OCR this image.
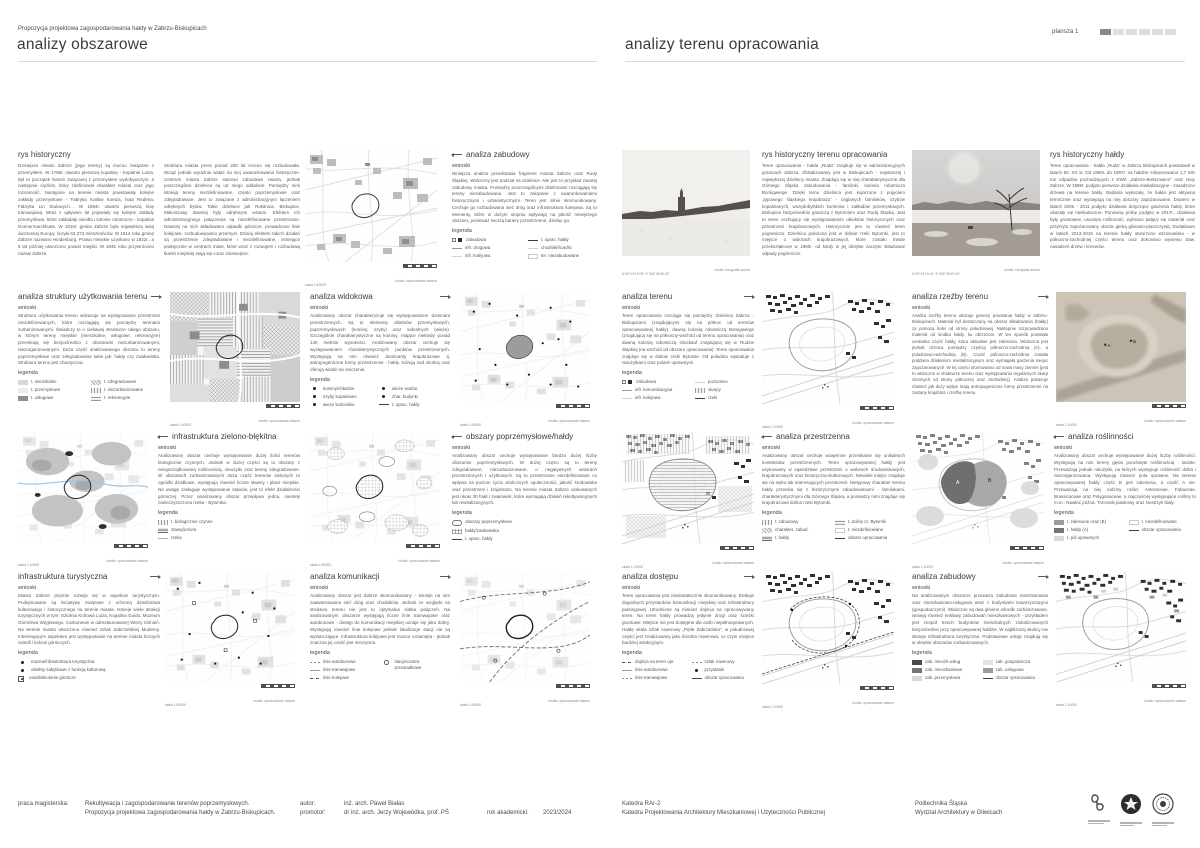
Propozycja projektowa zagospodarowania hałdy w Zabrzu-Biskupicach
analizy obszarowe	analizy terenu opracowania
plansza 1
rys historyczny
Dzisiejsze miasto Zabrze (jego tereny) są mocno związane z przemysłem. W 1796r. otwarto pierwszą kopalnię - Kopalnie Luiza. Był to początek historii związanej z przemysłem wydobywczym, a następnie ciężkim, który zdefiniował charakter miasta oraz jego tożsamość. Następnie na terenie miasta powstawały kolejne zakłady przemysłowe - Fabryka Kotłów Koetza, huta Redena, Fabryka Lin Stalowych… W 1894r. otwarto pierwszą linię tramwajową. Wraz z upływem lat pojawiały się kolejne zakłady przemysłowe, które zakładały osiedla i kolonie robotnicze - kopalnia Donnermarckhutte. W 1910r. gmina Zabrze była największą wsią ówczesnej Europy, liczyła 63 373 mieszkańców. W 1914 roku gminę Zabrze nazwano Hindenburg. Prawa miejskie uzyskano w 1922r., a 5 lat później utworzono powiat miejski. W 1945 roku przywrócono nazwę Zabrze.
Struktura miasta przez ponad 200 lat mocno się rozbudowała. Wciąż jednak wyraźnie widać na niej uwarunkowania historyczne. Centrum miasta Zabrze stanowi zabudowa zwarta, jednak poszczególne dzielnice są od niego oddalone. Pomiędzy nimi istnieją tereny niezdefiniowane, często poprzemysłowe oraz zdegradowane. Jest to związane z administracyjnym łączeniem odrębnych bytów. Takie dzielnice jak Rokitnica, Biskupice, Makoszowy dawniej były odrębnymi wsiami. Efektem ich administracyjnego połączenia są niezdefiniowane przestrzenie. Dawniej na nich składowano odpadki górnicze, prowadzono linie kolejowe, rozbudowywano przemysł. Dzisiaj efektem takich działań są przestrzenie zdegradowane i niezdefiniowane, istniejące praktycznie w centrach miast, które wraz z rozwojem i rozbudową tkanki miejskiej stają się coraz istotniejsze.
skala 1:60000
źródło: opracowanie własne
analiza zabudowy
wnioski
Niniejsza analiza przedstawia fragment miasta Zabrze oraz Rudy Śląskiej. Widoczny jest podział na dzielnice. Nie jest to przykład zwartej zabudowy miasta. Pomiędzy poszczególnymi dzielnicami rozciągają się tereny niezabudowane. Jest to związane z uwarunkowaniami historycznymi i urbanistycznymi. Teren jest silnie skomunikowany. Cechuje go rozbudowana sieć dróg oraz infrastruktura kolejowa. Są to elementy, które w dużym stopniu wpływają na jakość niniejszego obszaru, ponieważ tworzą bariery przestrzenne, dzieląc go.
legenda
zabudowa
infr. drogowa
infr. kolejowa
t. oprac. hałdy
chodniki/ścieżki
ter. niezabudowane
analiza struktury użytkowania terenu
wnioski
Struktura użytkowania terenu wskazuje na występowanie przestrzeni niezdefiniowanych, które rozciągają się pomiędzy terenami zurbanizowanymi. Świadczy to o ciekawej strukturze całego obszaru, w którym tereny miejskie (mieszkalne, usługowe, rekreacyjne) przenikają się bezpośrednio z obszarami niezurbanizowanymi, niezorganizowanymi. Duża część analizowanego obszaru to tereny poprzemysłowe oraz zdegradowane takie jak: hałdy czy zwałowiska. Struktura terenu jest chaotyczna.
legenda
t. mieszkalne
t. przemysłowe
t. usługowe
t. zdegradowane
t. niezurbanizowane
t. rekreacyjne
skala 1:40000
źródło: opracowanie własne
analiza widokowa
wnioski
Analizowany obszar charakteryzuje się występowaniem dominant przestrzennych. Są to elementy obiektów przemysłowych, poprzemysłowych (kominy, szyby) oraz sakralnych (wieże). Szczególnie charakterystyczne są kominy, mające niekiedy ponad 140 metrów wysokości. Analizowany obszar cechuje się występowaniem charakterystycznych punktów przestrzennych. Występują na nim również dominanty krajobrazowe tj. antropogeniczne formy przestrzenne - hałdy. Górują nad okolicą oraz oferują widoki na otoczenie.
legenda
kominy/chłodnie
szyby kopalniane
wieże kościołów
wieże wodne
char. budynki
t. oprac. hałdy
skala 1:60000
źródło: opracowanie własne
skala 1:40000
źródło: opracowanie własne
infrastruktura zielono-błękitna
wnioski
Analizowany obszar cechuje występowanie dużej ilości terenów biologicznie czynnych. Jednak w dużej części są to obszary z nieuporządkowaną roślinnością, nieużytki oraz tereny zdegradowane. W obszarach zurbanizowanych duża część terenów zielonych to ogródki działkowe, występują również liczne skwery i place miejskie. Na uwagę zasługuje występowanie stawów, jest to efekt działalności górniczej. Przez analizowany obszar przepływa jedna, niestety zanieczyszczona rzeka - Bytomka.
legenda
t. biologicznie czynne
stawy/jeziora
rzeka
skala 1:60000
źródło: opracowanie własne
obszary poprzemysłowe/hałdy
wnioski
Analizowany obszar cechuje występowanie bardzo dużej liczby obszarów poprzemysłowych. W dużej części są to tereny zdegradowane, niezurbanizowane, o negatywnych walorach przestrzennych i użytkowych. Są to przestrzenie niezdefiniowane co wpływa na poziom życia okolicznych społeczności, jakość środowiska oraz przestrzeni i krajobrazu. Na terenie miasta Zabrze ulokowanych jest około 30 hałd i zwałowisk, które wymagają działań rekultywacyjnych lub rewitalizacyjnych.
legenda
obszary poprzemysłowe
hałdy/zwałowiska
t. oprac. hałdy
infrastruktura turystyczna
wnioski
Miasto Zabrze prężnie rozwija się w aspekcie turystycznym. Podejmowane są inicjatywy związane z ochroną dziedzictwa kulturowego i historycznego na terenie miasta. Istnieje wiele atrakcji turystycznych w tym: Sztolnia Królowa Luiza, Kopalnia Guido, Muzeum Górnictwa Węglowego, Carboneum w odrestaurowanej Wieży Ciśnień. Na terenie miasta utworzono również Szlak Zabrzańskiej Moderny. Interesującym aspektem jest występowanie na terenie miasta licznych osiedli i kolonii górniczych.
legenda
muzea/infrastruktura turystyczna
obiekty zabytkowe z funkcją kulturową
osiedla/kolonie górnicze
skala 1:60000
źródło: opracowanie własne
analiza komunikacji
wnioski
Analizowany obszar jest dobrze skomunikowany - istnieje na nim zaawansowana sieć dróg oraz chodników. Jednak ze względu na strukturę terenu nie jest to optymalna siatka połączeń. Na analizowanym obszarze występują liczne linie tramwajowe oraz autobusowe - dostęp do komunikacji miejskiej uznaje się jako dobry. Występują również linie kolejowe jednak lokalizacje stacji nie są wystarczające. Infrastruktura kolejowa jest mocno rozwinięta - jednak znaczna jej część jest nieczynna.
legenda
linie autobusowe
linie tramwajowe
linie kolejowe
stacje/centra przesiadkowe
skala 1:60000
źródło: opracowanie własne
N 50°19'19.04″ E 018°48'49.34″
źródło: fotografia autora
rys historyczny terenu opracowania
Teren opracowania - hałda „Ruda” znajduje się w administracyjnych granicach Zabrza. Zlokalizowany jest w Biskupicach - najstarszej i największej dzielnicy miasta. Znajdują się w niej charakterystyczne dla Górnego Śląska zabudowania - familoki, kolonia robotnicza Borsigwerge. Dzięki temu dzielnica jest kojarzona z pojęciem „typowego śląskiego krajobrazu” - ceglanych familoków, szybów kopalnianych, wszędobylskich kominów i zakładów przemysłowych. Biskupice bezpośrednio graniczą z Bytomiem oraz Rudą Śląską. Jest to teren cechujący się występowaniem obiektów historycznych oraz przestrzeni krajobrazowych. Historycznie jest to również teren pogranicza. Dzielnica położona jest w dolinie rzeki Bytomki, jest to miejsce o walorach krajobrazowych, które zostało trwale przekształcone w 1960r. od kiedy w jej obrębie zaczęto składować odpady pogórnicze.
N 50°19'19.04″ E 018°48'49.34″
źródło: fotografia autora
rys historyczny hałdy
Teren opracowania - hałda „Ruda” w Zabrzu Biskupicach powstawał w latach 60. XX w. Od 1960r. do 1997r. na hałdzie zdeponowano 1,7 mln ton odpadów pochodzących z KWK „Zabrze-Bielszowice” oraz Huty Zabrze. W 1989r. podjęto pierwsze działania rewitalizacyjne - zasadzono drzewa na terenie hałdy. Badania wykazały, że hałda jest aktywna termicznie oraz występują na niej obszary zapożarowane. Dopiero w latach 2006 - 2011 podjęto działania dotyczące gaszenia hałdy, które okazały się nieskuteczne. Ponowną próbę podjęto w 2017r., działania były gruntowne, usunięto roślinność, wybrano palący się materiał oraz przykryto zapożarowany obszar glebą gliniasto-piaszczystą. Dodatkowo w latach 2013-2015 na terenie hałdy utworzono wrzosowisko - w północno-zachodniej części terenu oraz dokonano wysiewu traw, nasadzeń drzew i krzewów.
analiza terenu
wnioski
Teren opracowania rozciąga się pomiędzy dzielnicą Zabrza - Biskupicami (znajdującymi się na północ od terenów opracowywanej hałdy), dawną kolonią robotniczą Borsigwerge (znajdującą się na północny-wschód od terenu opracowania) oraz dawną kolonią robotniczą Gluckauf znajdującą się w Rudzie Śląskiej (na wschód od obszaru opracowania). Teren opracowania znajduje się w dolinie rzeki Bytomki. Od południa sąsiaduje z nieużytkami oraz polami uprawnymi.
legenda
zabudowa
infr. komunikacyjna
infr. kolejowa
poziomice
skarpy
rzeki
skala 1:20000
źródło: opracowanie własne
analiza rzeźby terenu
wnioski
Analiza rzeźby terenu ukazuje genezę powstania hałdy w Zabrzu-Biskupicach. Materiał był dostarczany na obszar składowania (hałdę) za pomocą kolei od strony południowej. Następnie rozprowadzano materiał od środka hałdy, ku obrzeżom. W ten sposób powstała centralna część hałdy, która aktualnie jest zalesiona. Widoczna jest jednak różnica pomiędzy częścią północno-zachodnią (A), a południowo-wschodnią (B). Część północno-zachodnia została poddana działaniom rewitalizacyjnym oraz wymagała gaszenia miejsc zapożarowanych. W tej części uformowano od nowa masy ziemne (jest to widoczne w strukturze terenu oraz występowaniu regularnych skarp ziemnych od strony północnej oraz zachodniej). Analiza pokazuje również jak duży wpływ mają antropogeniczne formy przestrzenne na zastany krajobraz i rzeźbę terenu.
A
B
skala 1:20000
źródło: opracowanie własne
skala 1:20000
źródło: opracowanie własne
analiza przestrzenna
wnioski
Analizowany obszar cechuje wzajemne przenikanie się unikalnych kontekstów przestrzennych. Teren opracowywanej hałdy jest usytuowany w sąsiedztwie przestrzeni o walorach środowiskowych, krajobrazowych oraz historyczno-kulturowych. Niewiele miejsc znajduje się na styku tak interesujących przestrzeni. Nietypowy charakter terenu hałdy przenika się z historycznymi zabudowaniami - familokami, charakterystycznymi dla Górnego Śląska, a pomiędzy nimi znajduje się krajobrazowa dolina rzeki Bytomki.
legenda
t. zabudowy
charakter. zabud.
t. hałdy
t. doliny rz. Bytomki
t. niezdefiniowane
obszar opracowania
A	B
skala 1:20000
źródło: opracowanie własne
analiza roślinności
wnioski
Analizowany obszar cechuje występowanie dużej liczby roślinności. Występują na nim tereny gęsto porośnięte roślinnością - lasiste. Przeważają jednak nieużytki, na których występuje roślinność dzika i niezorganizowana. Występują również pola uprawne. Na terenie opracowywanej hałdy część B jest zalesiona, a część A nie. Przeważają na niej rodziny roślin: Asteraceae, Fabaceae, Brassicaceae oraz Polygonaceae, a najczęściej występujące rośliny to m.in.: Nawłoć późna, Trzcinnik piaskowy oraz Nostrzyk biały.
legenda
t. zalesione oraz (B)
t. hałdy (A)
t. pól uprawnych
t. niezdefiniowane
obszar opracowania
analiza dostępu
wnioski
Teren opracowania jest niedostatecznie skomunikowany. Brakuje dogodnych przystanków komunikacji miejskiej oraz infrastruktury parkingowej. Utrudnione są również dojścia na opracowywany teren. Na teren hałdy prowadzą jedynie drogi oraz ścieżki gruntowe. Miejsce nie jest dostępne dla osób niepełnosprawnych. Hałdę okala szlak rowerowy „Pętla Zabrzańska”, w południowej części jest zrealizowany jako ścieżka rowerowa, co czyni miejsce bardziej atrakcyjnym.
legenda
dojścia na teren opr.
linie autobusowe
linie tramwajowe
szlak rowerowy
przystanki
obszar opracowania
skala 1:20000
źródło: opracowanie własne
analiza zabudowy
wnioski
Na analizowanym obszarze przeważa zabudowa mieszkaniowa oraz mieszkaniowo-usługowa wraz z budynkami towarzyszącymi (gospodarczymi). Widoczne są dwa główne ośrodki zurbanizowane, istnieją również enklawy zabudowań mieszkaniowych - przykładem jest zespół trzech budynków mieszkalnych zlokalizowanych bezpośrednio przy opracowywanej hałdzie. W najbliższej okolicy nie istnieje infrastruktura turystyczna. Podstawowe usługi znajdują się w obrębie obszarów zurbanizowanych.
legenda
zab. mieszk-usług
zab. mieszkaniowa
zab. przemysłowa
zab. gospodarcza
zab. usługowa
obszar opracowania
skala 1:20000
źródło: opracowanie własne
praca magisterska:	Rekultywacja i zagospodarowanie terenów poprzemysłowych.
Propozycja projektowa zagospodarowania hałdy w Zabrzu-Biskupicach.
autor:	inż. arch. Paweł Białas
promotor:	dr inż. arch. Jerzy Wojewódka, prof. PŚ	rok akademicki: 2023/2024
Katedra RAr-2
Katedra Projektowania Architektury Mieszkaniowej i Użyteczności Publicznej
Politechnika Śląska
Wydział Architektury w Gliwicach
